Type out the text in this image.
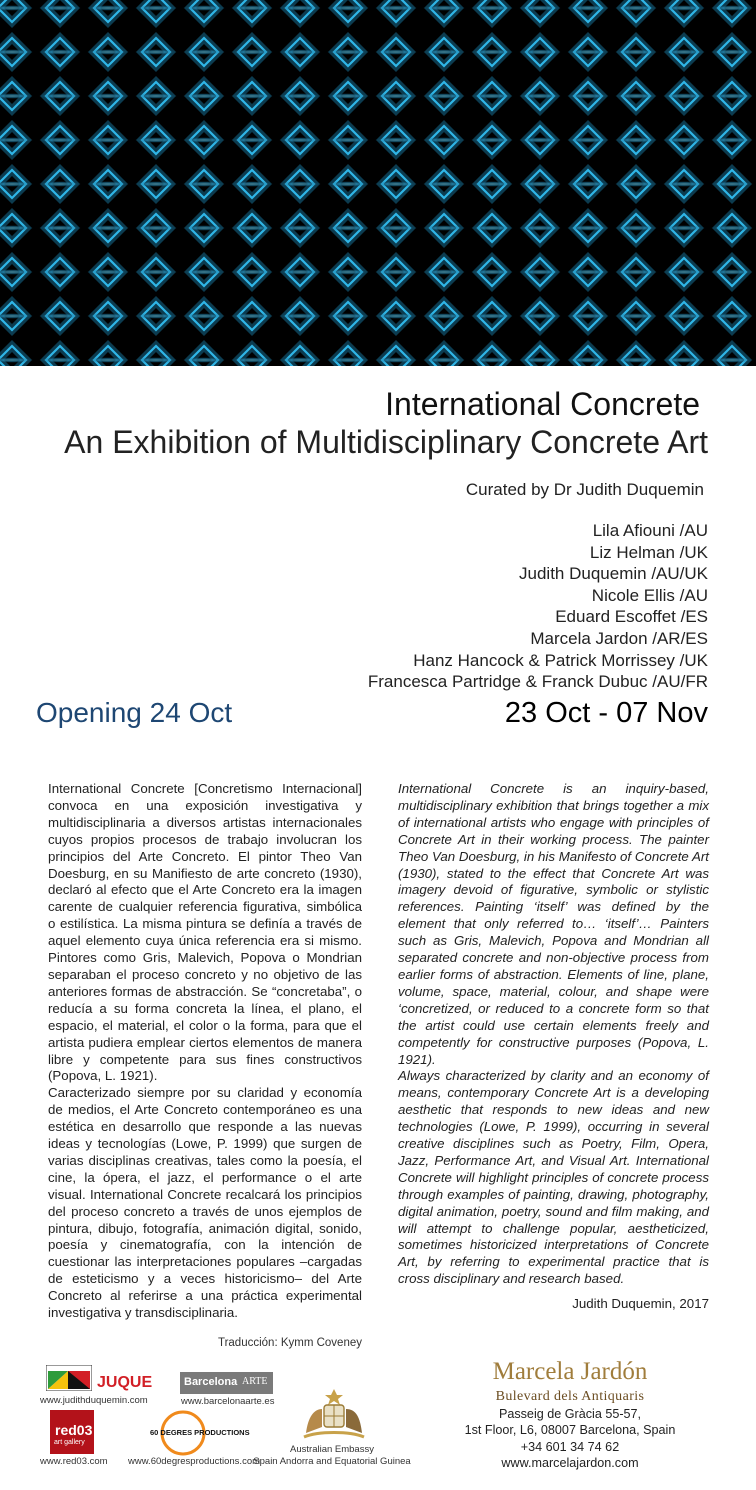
International Concrete
An Exhibition of Multidisciplinary Concrete Art
Curated by Dr Judith Duquemin
Lila Afiouni /AU
Liz Helman /UK
Judith Duquemin /AU/UK
Nicole Ellis /AU
Eduard Escoffet /ES
Marcela Jardon /AR/ES
Hanz Hancock & Patrick Morrissey /UK
Francesca Partridge & Franck Dubuc /AU/FR
Opening 24 Oct	23 Oct - 07 Nov

International Concrete [Concretismo Internacional] convoca en una exposición investigativa y multidisciplinaria a diversos artistas internacionales cuyos propios procesos de trabajo involucran los principios del Arte Concreto. El pintor Theo Van Doesburg, en su Manifiesto de arte concreto (1930), declaró al efecto que el Arte Concreto era la imagen carente de cualquier referencia figurativa, simbólica o estilística. La misma pintura se definía a través de aquel elemento cuya única referencia era si mismo. Pintores como Gris, Malevich, Popova o Mondrian separaban el proceso concreto y no objetivo de las anteriores formas de abstracción. Se “concretaba”, o reducía a su forma concreta la línea, el plano, el espacio, el material, el color o la forma, para que el artista pudiera emplear ciertos elementos de manera libre y competente para sus fines constructivos (Popova, L. 1921).

Caracterizado siempre por su claridad y economía de medios, el Arte Concreto contemporáneo es una estética en desarrollo que responde a las nuevas ideas y tecnologías (Lowe, P. 1999) que surgen de varias disciplinas creativas, tales como la poesía, el cine, la ópera, el jazz, el performance o el arte visual. International Concrete recalcará los principios del proceso concreto a través de unos ejemplos de pintura, dibujo, fotografía, animación digital, sonido, poesía y cinematografía, con la intención de cuestionar las interpretaciones populares –cargadas de esteticismo y a veces historicismo– del Arte Concreto al referirse a una práctica experimental investigativa y transdisciplinaria.

Traducción: Kymm Coveney

International Concrete is an inquiry-based, multidisciplinary exhibition that brings together a mix of international artists who engage with principles of Concrete Art in their working process. The painter Theo Van Doesburg, in his Manifesto of Concrete Art (1930), stated to the effect that Concrete Art was imagery devoid of figurative, symbolic or stylistic references. Painting ‘itself’ was defined by the element that only referred to… ‘itself’… Painters such as Gris, Malevich, Popova and Mondrian all separated concrete and non-objective process from earlier forms of abstraction. Elements of line, plane, volume, space, material, colour, and shape were ‘concretized, or reduced to a concrete form so that the artist could use certain elements freely and competently for constructive purposes (Popova, L. 1921).

Always characterized by clarity and an economy of means, contemporary Concrete Art is a developing aesthetic that responds to new ideas and new technologies (Lowe, P. 1999), occurring in several creative disciplines such as Poetry, Film, Opera, Jazz, Performance Art, and Visual Art. International Concrete will highlight principles of concrete process through examples of painting, drawing, photography, digital animation, poetry, sound and film making, and will attempt to challenge popular, aestheticized, sometimes historicized interpretations of Concrete Art, by referring to experimental practice that is cross disciplinary and research based.

Judith Duquemin, 2017
JUQUE
www.judithduquemin.com
Barcelona ARTE
www.barcelonaarte.es
red03
art gallery
www.red03.com
60 DEGRES PRODUCTIONS
www.60degresproductions.com
Australian Embassy
Spain Andorra and Equatorial Guinea
Marcela Jardón
Bulevard dels Antiquaris
Passeig de Gràcia 55-57,
1st Floor, L6, 08007 Barcelona, Spain
+34 601 34 74 62
www.marcelajardon.com
